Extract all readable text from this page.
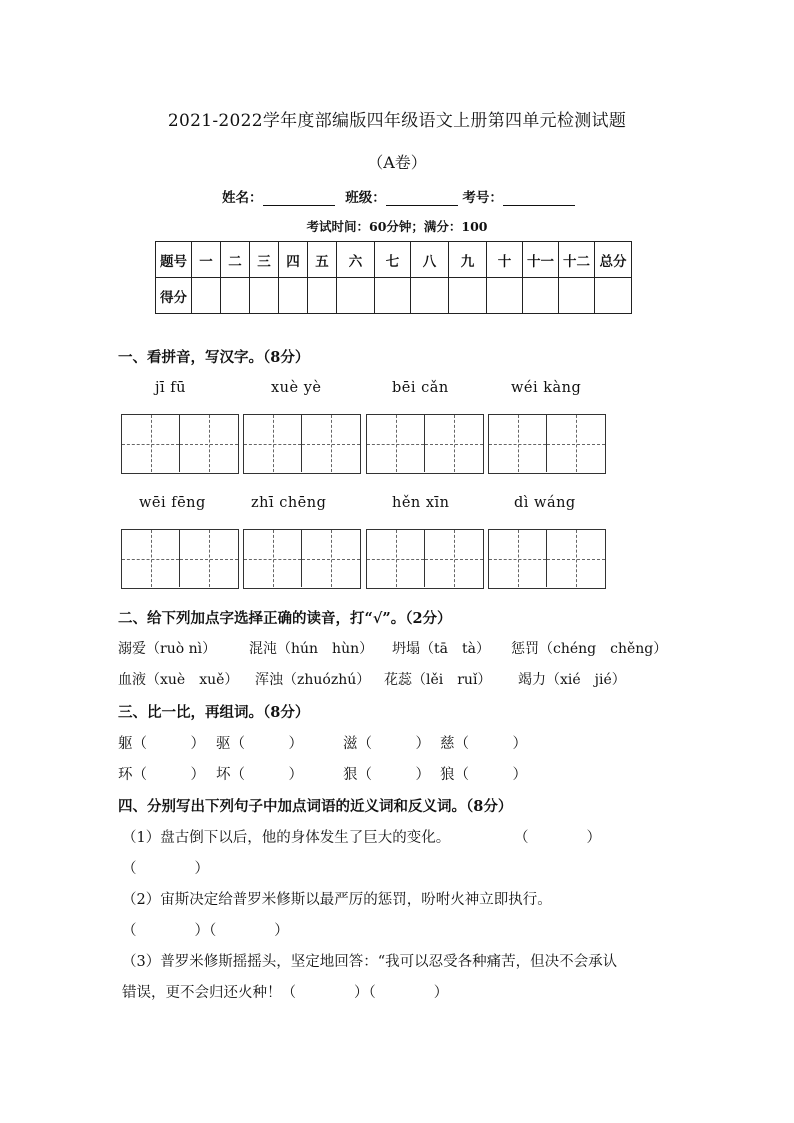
2021-2022学年度部编版四年级语文上册第四单元检测试题
（A卷）
姓名：	班级：	考号：
考试时间：60分钟；满分：100
题号	一	二	三	四	五	六	七	八	九	十	十一	十二	总分
得分													
一、看拼音，写汉字。（8分）
jī fū	xuè yè	bēi cǎn	wéi kàng
wēi fēng	zhī chēng	hěn xīn	dì wáng
二、给下列加点字选择正确的读音，打“√”。（2分）
溺爱（ruò nì） 混沌（hún　hùn） 坍塌（tā　tà） 惩罚（chéng　chěng）
血液（xuè　xuě） 浑浊（zhuózhú） 花蕊（lěi　ruǐ） 竭力（xié　jié）
三、比一比，再组词。（8分）
躯（　　　） 驱（　　　）	滋（　　　） 慈（　　　）
环（　　　） 坏（　　　）	狠（　　　） 狼（　　　）
四、分别写出下列句子中加点词语的近义词和反义词。（8分）
（1）盘古倒下以后，他的身体发生了巨大的变化。	（　　　　）
（　　　　）
（2）宙斯决定给普罗米修斯以最严厉的惩罚，吩咐火神立即执行。
（　　　　）（　　　　）
（3）普罗米修斯摇摇头，坚定地回答：“我可以忍受各种痛苦，但决不会承认
错误，更不会归还火种！（　　　　）（　　　　）
